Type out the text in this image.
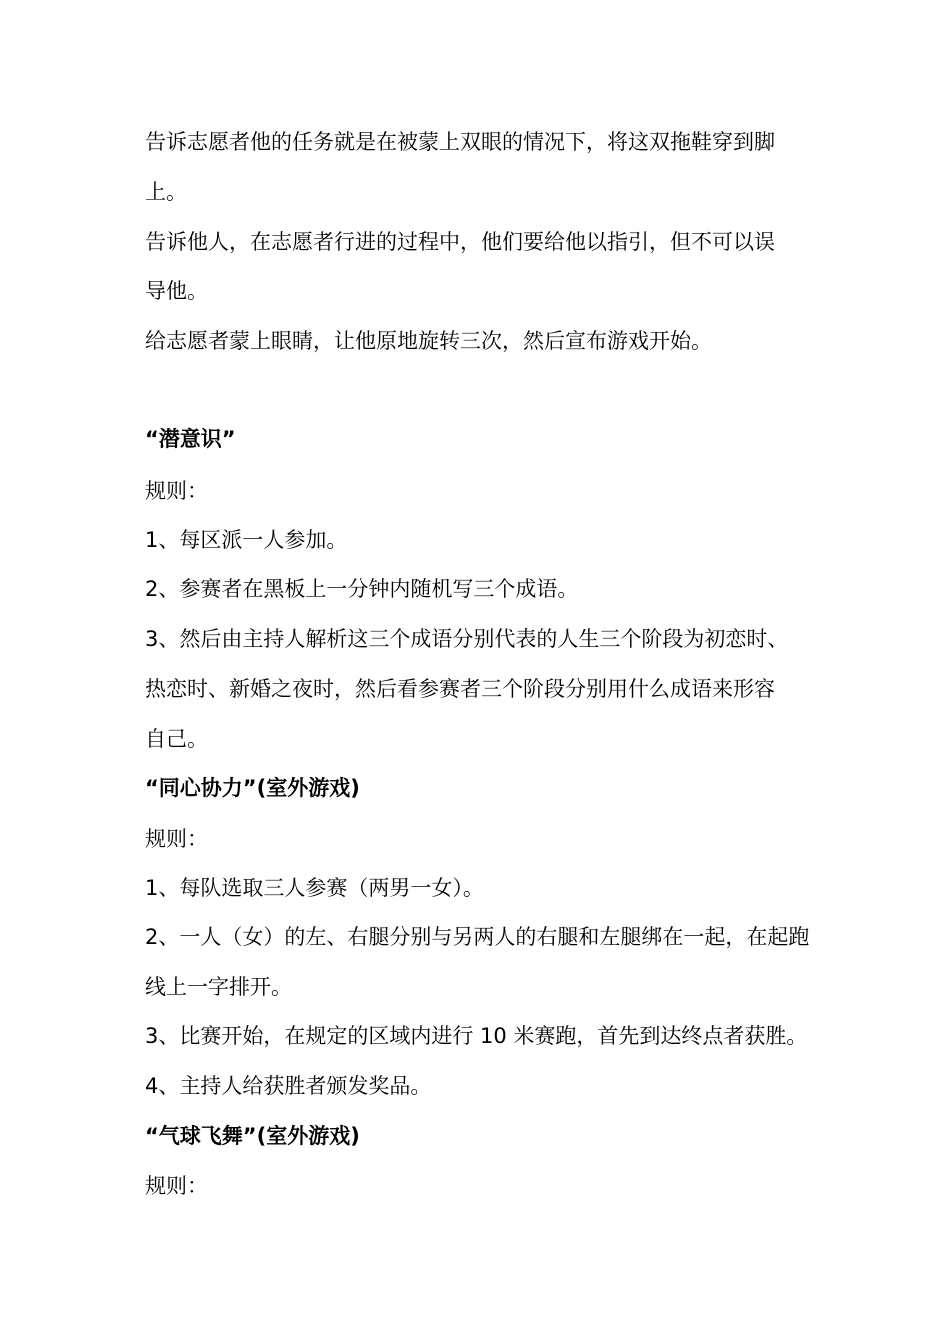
告诉志愿者他的任务就是在被蒙上双眼的情况下，将这双拖鞋穿到脚
上。
告诉他人，在志愿者行进的过程中，他们要给他以指引，但不可以误
导他。
给志愿者蒙上眼睛，让他原地旋转三次，然后宣布游戏开始。
“潜意识”
规则：
1、每区派一人参加。
2、参赛者在黑板上一分钟内随机写三个成语。
3、然后由主持人解析这三个成语分别代表的人生三个阶段为初恋时、
热恋时、新婚之夜时，然后看参赛者三个阶段分别用什么成语来形容
自己。
“同心协力”(室外游戏)
规则：
1、每队选取三人参赛（两男一女）。
2、一人（女）的左、右腿分别与另两人的右腿和左腿绑在一起，在起跑
线上一字排开。
3、比赛开始，在规定的区域内进行 10 米赛跑，首先到达终点者获胜。
4、主持人给获胜者颁发奖品。
“气球飞舞”(室外游戏)
规则：
